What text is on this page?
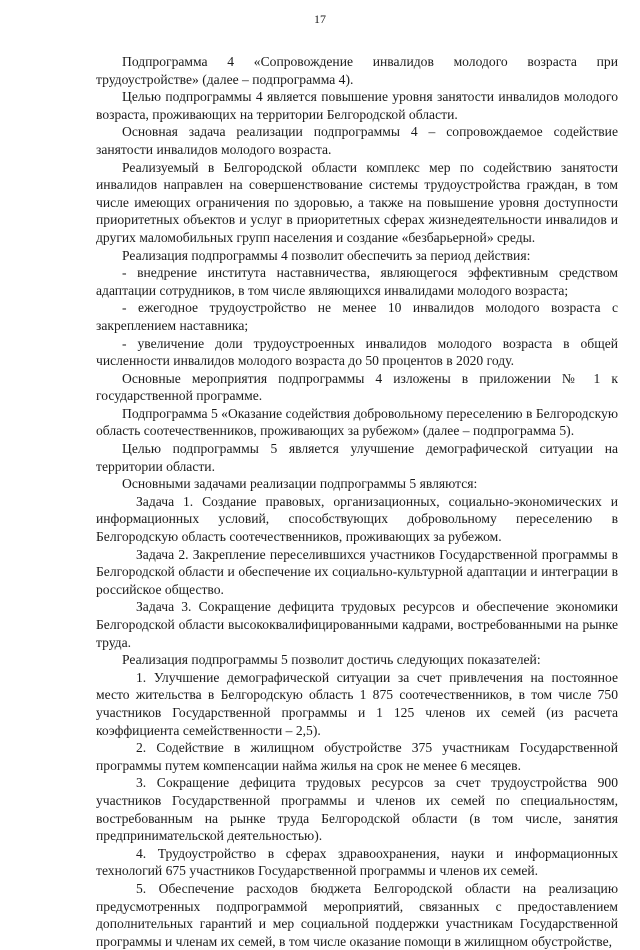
17

Подпрограмма 4 «Сопровождение инвалидов молодого возраста при трудоустройстве» (далее – подпрограмма 4).

Целью подпрограммы 4 является повышение уровня занятости инвалидов молодого возраста, проживающих на территории Белгородской области.

Основная задача реализации подпрограммы 4 – сопровождаемое содействие занятости инвалидов молодого возраста.

Реализуемый в Белгородской области комплекс мер по содействию занятости инвалидов направлен на совершенствование системы трудоустройства граждан, в том числе имеющих ограничения по здоровью, а также на повышение уровня доступности приоритетных объектов и услуг в приоритетных сферах жизнедеятельности инвалидов и других маломобильных групп населения и создание «безбарьерной» среды.

Реализация подпрограммы 4 позволит обеспечить за период действия:

- внедрение института наставничества, являющегося эффективным средством адаптации сотрудников, в том числе являющихся инвалидами молодого возраста;

- ежегодное трудоустройство не менее 10 инвалидов молодого возраста с закреплением наставника;

- увеличение доли трудоустроенных инвалидов молодого возраста в общей численности инвалидов молодого возраста до 50 процентов в 2020 году.

Основные мероприятия подпрограммы 4 изложены в приложении № 1 к государственной программе.

Подпрограмма 5 «Оказание содействия добровольному переселению в Белгородскую область соотечественников, проживающих за рубежом» (далее – подпрограмма 5).

Целью подпрограммы 5 является улучшение демографической ситуации на территории области.

Основными задачами реализации подпрограммы 5 являются:

Задача 1. Создание правовых, организационных, социально-экономических и информационных условий, способствующих добровольному переселению в Белгородскую область соотечественников, проживающих за рубежом.

Задача 2. Закрепление переселившихся участников Государственной программы в Белгородской области и обеспечение их социально-культурной адаптации и интеграции в российское общество.

Задача 3. Сокращение дефицита трудовых ресурсов и обеспечение экономики Белгородской области высококвалифицированными кадрами, востребованными на рынке труда.

Реализация подпрограммы 5 позволит достичь следующих показателей:

1. Улучшение демографической ситуации за счет привлечения на постоянное место жительства в Белгородскую область 1 875 соотечественников, в том числе 750 участников Государственной программы и 1 125 членов их семей (из расчета коэффициента семейственности – 2,5).

2. Содействие в жилищном обустройстве 375 участникам Государственной программы путем компенсации найма жилья на срок не менее 6 месяцев.

3. Сокращение дефицита трудовых ресурсов за счет трудоустройства 900 участников Государственной программы и членов их семей по специальностям, востребованным на рынке труда Белгородской области (в том числе, занятия предпринимательской деятельностью).

4. Трудоустройство в сферах здравоохранения, науки и информационных технологий 675 участников Государственной программы и членов их семей.

5. Обеспечение расходов бюджета Белгородской области на реализацию предусмотренных подпрограммой мероприятий, связанных с предоставлением дополнительных гарантий и мер социальной поддержки участникам Государственной программы и членам их семей, в том числе оказание помощи в жилищном обустройстве,
